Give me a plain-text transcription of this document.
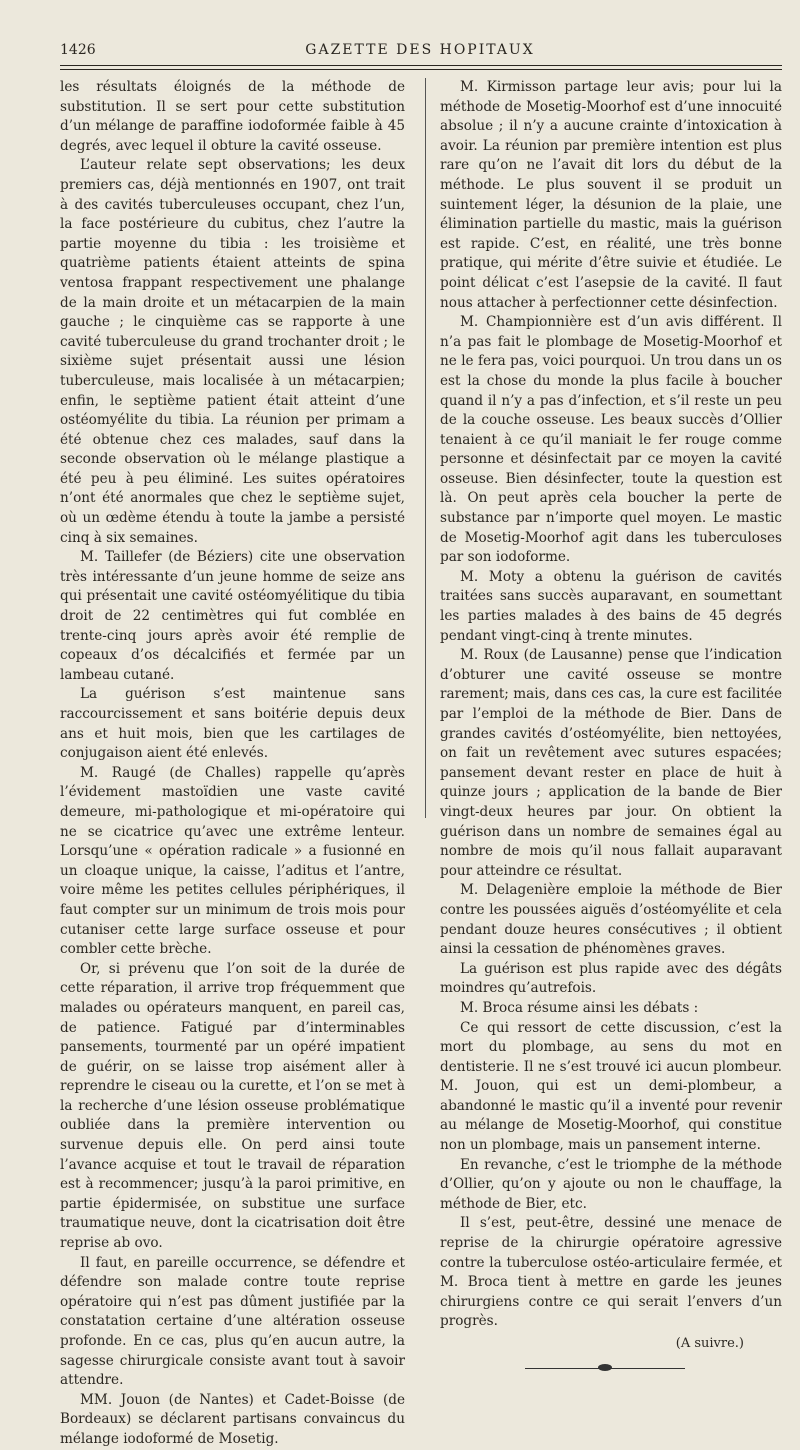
1426	GAZETTE DES HOPITAUX

les résultats éloignés de la méthode de substitution. Il se sert pour cette substitution d’un mélange de paraffine iodoformée faible à 45 degrés, avec lequel il obture la cavité osseuse.

L’auteur relate sept observations; les deux premiers cas, déjà mentionnés en 1907, ont trait à des cavités tuberculeuses occupant, chez l’un, la face postérieure du cubitus, chez l’autre la partie moyenne du tibia : les troisième et quatrième patients étaient atteints de spina ventosa frappant respectivement une phalange de la main droite et un métacarpien de la main gauche ; le cinquième cas se rapporte à une cavité tuberculeuse du grand trochanter droit ; le sixième sujet présentait aussi une lésion tuberculeuse, mais localisée à un métacarpien; enfin, le septième patient était atteint d’une ostéomyélite du tibia. La réunion per primam a été obtenue chez ces malades, sauf dans la seconde observation où le mélange plastique a été peu à peu éliminé. Les suites opératoires n’ont été anormales que chez le septième sujet, où un œdème étendu à toute la jambe a persisté cinq à six semaines.

M. Taillefer (de Béziers) cite une observation très intéressante d’un jeune homme de seize ans qui présentait une cavité ostéomyélitique du tibia droit de 22 centimètres qui fut comblée en trente-cinq jours après avoir été remplie de copeaux d’os décalcifiés et fermée par un lambeau cutané.

La guérison s’est maintenue sans raccourcissement et sans boitérie depuis deux ans et huit mois, bien que les cartilages de conjugaison aient été enlevés.

M. Raugé (de Challes) rappelle qu’après l’évidement mastoïdien une vaste cavité demeure, mi-pathologique et mi-opératoire qui ne se cicatrice qu’avec une extrême lenteur. Lorsqu’une « opération radicale » a fusionné en un cloaque unique, la caisse, l’aditus et l’antre, voire même les petites cellules périphériques, il faut compter sur un minimum de trois mois pour cutaniser cette large surface osseuse et pour combler cette brèche.

Or, si prévenu que l’on soit de la durée de cette réparation, il arrive trop fréquemment que malades ou opérateurs manquent, en pareil cas, de patience. Fatigué par d’interminables pansements, tourmenté par un opéré impatient de guérir, on se laisse trop aisément aller à reprendre le ciseau ou la curette, et l’on se met à la recherche d’une lésion osseuse problématique oubliée dans la première intervention ou survenue depuis elle. On perd ainsi toute l’avance acquise et tout le travail de réparation est à recommencer; jusqu’à la paroi primitive, en partie épidermisée, on substitue une surface traumatique neuve, dont la cicatrisation doit être reprise ab ovo.

Il faut, en pareille occurrence, se défendre et défendre son malade contre toute reprise opératoire qui n’est pas dûment justifiée par la constatation certaine d’une altération osseuse profonde. En ce cas, plus qu’en aucun autre, la sagesse chirurgicale consiste avant tout à savoir attendre.

MM. Jouon (de Nantes) et Cadet-Boisse (de Bordeaux) se déclarent partisans convaincus du mélange iodoformé de Mosetig.

M. Kirmisson partage leur avis; pour lui la méthode de Mosetig-Moorhof est d’une innocuité absolue ; il n’y a aucune crainte d’intoxication à avoir. La réunion par première intention est plus rare qu’on ne l’avait dit lors du début de la méthode. Le plus souvent il se produit un suintement léger, la désunion de la plaie, une élimination partielle du mastic, mais la guérison est rapide. C’est, en réalité, une très bonne pratique, qui mérite d’être suivie et étudiée. Le point délicat c’est l’asepsie de la cavité. Il faut nous attacher à perfectionner cette désinfection.

M. Championnière est d’un avis différent. Il n’a pas fait le plombage de Mosetig-Moorhof et ne le fera pas, voici pourquoi. Un trou dans un os est la chose du monde la plus facile à boucher quand il n’y a pas d’infection, et s’il reste un peu de la couche osseuse. Les beaux succès d’Ollier tenaient à ce qu’il maniait le fer rouge comme personne et désinfectait par ce moyen la cavité osseuse. Bien désinfecter, toute la question est là. On peut après cela boucher la perte de substance par n’importe quel moyen. Le mastic de Mosetig-Moorhof agit dans les tuberculoses par son iodoforme.

M. Moty a obtenu la guérison de cavités traitées sans succès auparavant, en soumettant les parties malades à des bains de 45 degrés pendant vingt-cinq à trente minutes.

M. Roux (de Lausanne) pense que l’indication d’obturer une cavité osseuse se montre rarement; mais, dans ces cas, la cure est facilitée par l’emploi de la méthode de Bier. Dans de grandes cavités d’ostéomyélite, bien nettoyées, on fait un revêtement avec sutures espacées; pansement devant rester en place de huit à quinze jours ; application de la bande de Bier vingt-deux heures par jour. On obtient la guérison dans un nombre de semaines égal au nombre de mois qu’il nous fallait auparavant pour atteindre ce résultat.

M. Delagenière emploie la méthode de Bier contre les poussées aiguës d’ostéomyélite et cela pendant douze heures consécutives ; il obtient ainsi la cessation de phénomènes graves.

La guérison est plus rapide avec des dégâts moindres qu’autrefois.

M. Broca résume ainsi les débats :

Ce qui ressort de cette discussion, c’est la mort du plombage, au sens du mot en dentisterie. Il ne s’est trouvé ici aucun plombeur. M. Jouon, qui est un demi-plombeur, a abandonné le mastic qu’il a inventé pour revenir au mélange de Mosetig-Moorhof, qui constitue non un plombage, mais un pansement interne.

En revanche, c’est le triomphe de la méthode d’Ollier, qu’on y ajoute ou non le chauffage, la méthode de Bier, etc.

Il s’est, peut-être, dessiné une menace de reprise de la chirurgie opératoire agressive contre la tuberculose ostéo-articulaire fermée, et M. Broca tient à mettre en garde les jeunes chirurgiens contre ce qui serait l’envers d’un progrès.

(A suivre.)
